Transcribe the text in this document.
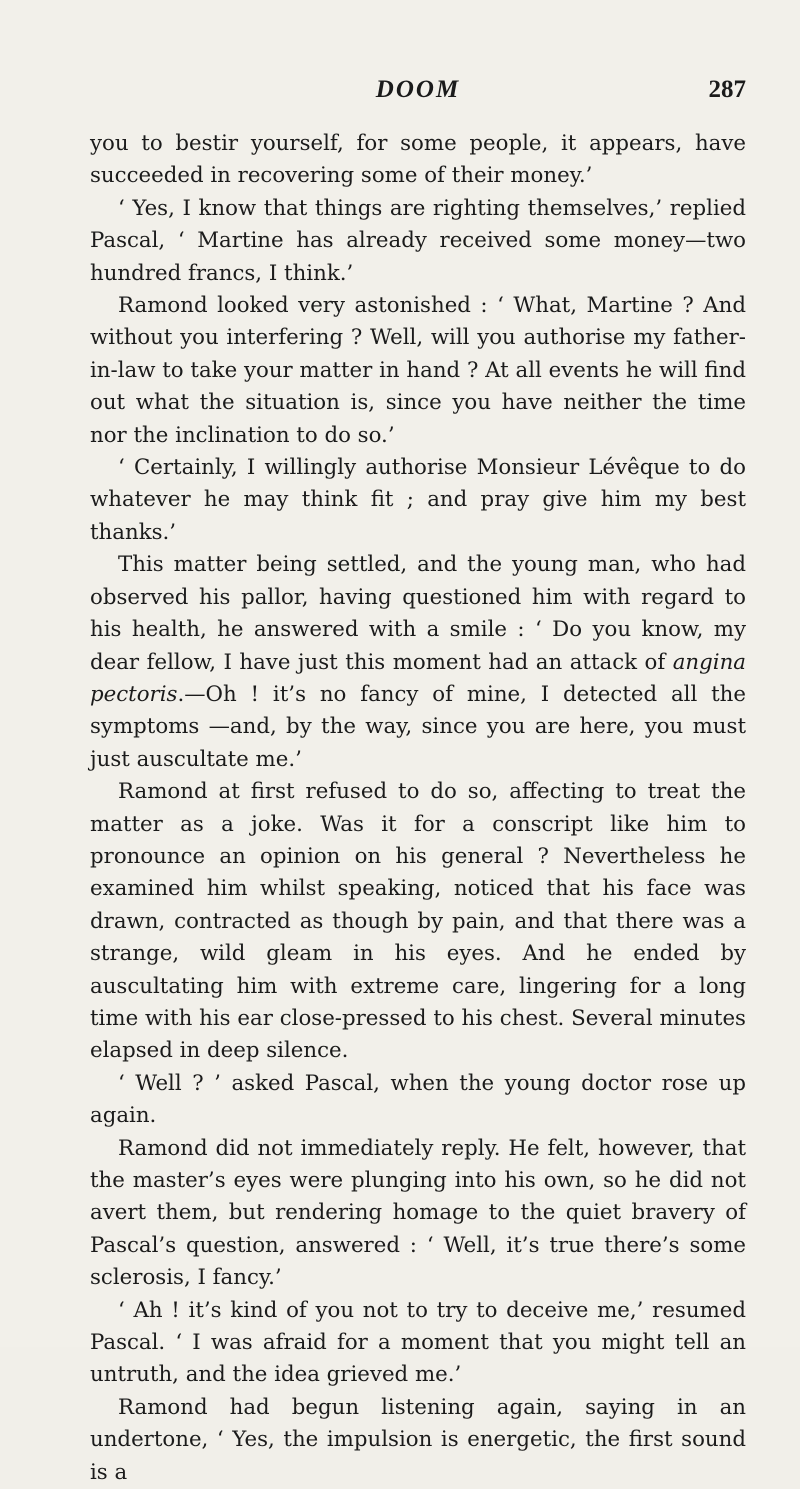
DOOM	287

you to bestir yourself, for some people, it appears, have succeeded in recovering some of their money.’

‘ Yes, I know that things are righting themselves,’ replied Pascal, ‘ Martine has already received some money—two hundred francs, I think.’

Ramond looked very astonished : ‘ What, Martine ? And without you interfering ? Well, will you authorise my father-in-law to take your matter in hand ? At all events he will find out what the situation is, since you have neither the time nor the inclination to do so.’

‘ Certainly, I willingly authorise Monsieur Lévêque to do whatever he may think fit ; and pray give him my best thanks.’

This matter being settled, and the young man, who had observed his pallor, having questioned him with regard to his health, he answered with a smile : ‘ Do you know, my dear fellow, I have just this moment had an attack of angina pectoris.—Oh ! it’s no fancy of mine, I detected all the symptoms —and, by the way, since you are here, you must just auscultate me.’

Ramond at first refused to do so, affecting to treat the matter as a joke. Was it for a conscript like him to pronounce an opinion on his general ? Nevertheless he examined him whilst speaking, noticed that his face was drawn, contracted as though by pain, and that there was a strange, wild gleam in his eyes. And he ended by auscultating him with extreme care, lingering for a long time with his ear close-pressed to his chest. Several minutes elapsed in deep silence.

‘ Well ? ’ asked Pascal, when the young doctor rose up again.

Ramond did not immediately reply. He felt, however, that the master’s eyes were plunging into his own, so he did not avert them, but rendering homage to the quiet bravery of Pascal’s question, answered : ‘ Well, it’s true there’s some sclerosis, I fancy.’

‘ Ah ! it’s kind of you not to try to deceive me,’ resumed Pascal. ‘ I was afraid for a moment that you might tell an untruth, and the idea grieved me.’

Ramond had begun listening again, saying in an undertone, ‘ Yes, the impulsion is energetic, the first sound is a
